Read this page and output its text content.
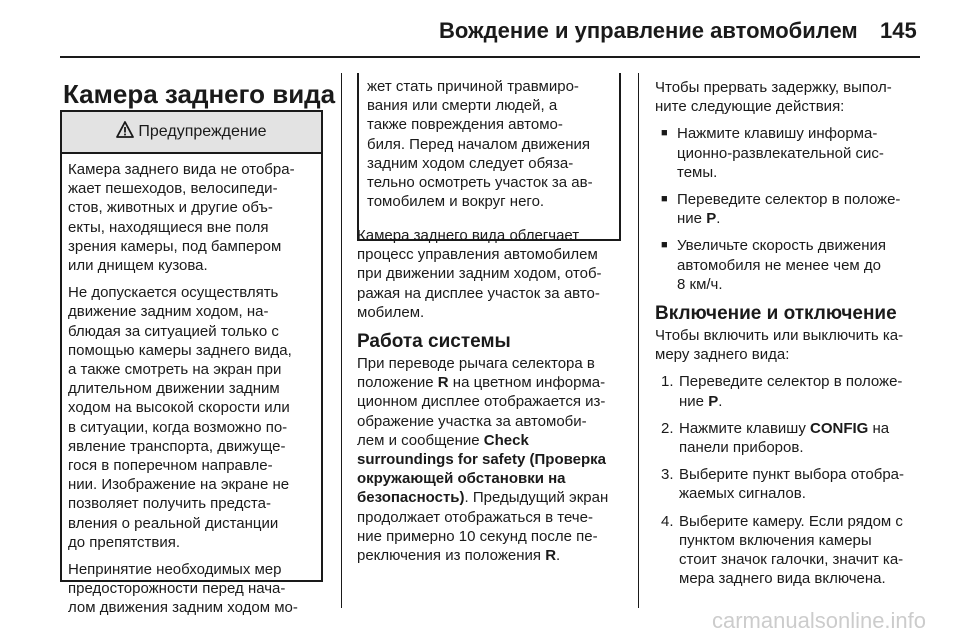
Вождение и управление автомобилем 145
Камера заднего вида
Предупреждение

Камера заднего вида не отобра-
жает пешеходов, велосипеди-
стов, животных и другие объ-
екты, находящиеся вне поля
зрения камеры, под бампером
или днищем кузова.

Не допускается осуществлять
движение задним ходом, на-
блюдая за ситуацией только с
помощью камеры заднего вида,
а также смотреть на экран при
длительном движении задним
ходом на высокой скорости или
в ситуации, когда возможно по-
явление транспорта, движуще-
гося в поперечном направле-
нии. Изображение на экране не
позволяет получить предста-
вления о реальной дистанции
до препятствия.

Непринятие необходимых мер
предосторожности перед нача-
лом движения задним ходом мо-

жет стать причиной травмиро-
вания или смерти людей, а
также повреждения автомо-
биля. Перед началом движения
задним ходом следует обяза-
тельно осмотреть участок за ав-
томобилем и вокруг него.

Камера заднего вида облегчает
процесс управления автомобилем
при движении задним ходом, отоб-
ражая на дисплее участок за авто-
мобилем.

Работа системы

При переводе рычага селектора в
положение R на цветном информа-
ционном дисплее отображается из-
ображение участка за автомоби-
лем и сообщение Check
surroundings for safety (Проверка
окружающей обстановки на
безопасность). Предыдущий экран
продолжает отображаться в тече-
ние примерно 10 секунд после пе-
реключения из положения R.

Чтобы прервать задержку, выпол-
ните следующие действия:

■ Нажмите клавишу информа-
ционно-развлекательной сис-
темы.
■ Переведите селектор в положе-
ние P.
■ Увеличьте скорость движения
автомобиля не менее чем до
8 км/ч.
Включение и отключение

Чтобы включить или выключить ка-
меру заднего вида:

1. Переведите селектор в положе-
ние P.
2. Нажмите клавишу CONFIG на
панели приборов.
3. Выберите пункт выбора отобра-
жаемых сигналов.
4. Выберите камеру. Если рядом с
пунктом включения камеры
стоит значок галочки, значит ка-
мера заднего вида включена.
carmanualsonline.info
